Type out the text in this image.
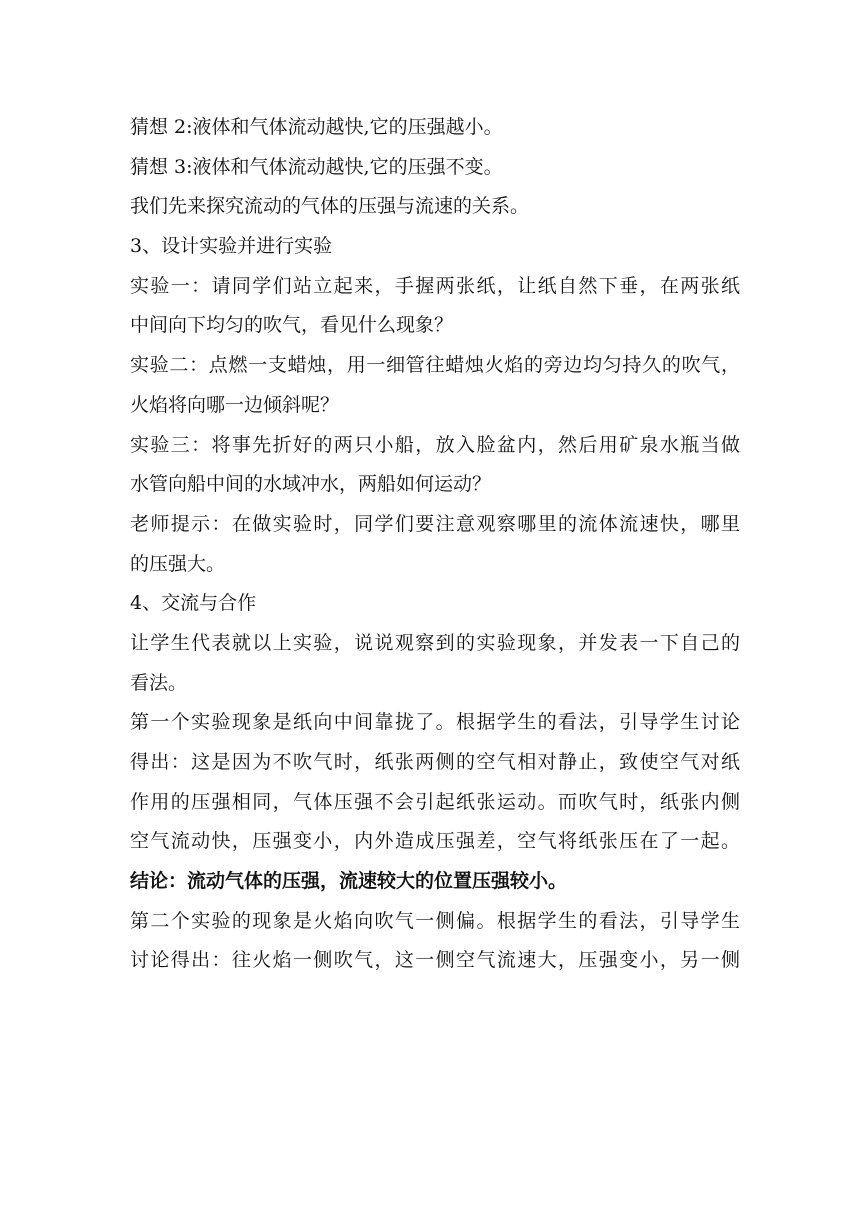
猜想 2:液体和气体流动越快,它的压强越小。
猜想 3:液体和气体流动越快,它的压强不变。
我们先来探究流动的气体的压强与流速的关系。
3、设计实验并进行实验
实验一：请同学们站立起来，手握两张纸，让纸自然下垂，在两张纸
中间向下均匀的吹气，看见什么现象？
实验二：点燃一支蜡烛，用一细管往蜡烛火焰的旁边均匀持久的吹气，
火焰将向哪一边倾斜呢？
实验三：将事先折好的两只小船，放入脸盆内，然后用矿泉水瓶当做
水管向船中间的水域冲水，两船如何运动？
老师提示：在做实验时，同学们要注意观察哪里的流体流速快，哪里
的压强大。
4、交流与合作
让学生代表就以上实验，说说观察到的实验现象，并发表一下自己的
看法。
第一个实验现象是纸向中间靠拢了。根据学生的看法，引导学生讨论
得出：这是因为不吹气时，纸张两侧的空气相对静止，致使空气对纸
作用的压强相同，气体压强不会引起纸张运动。而吹气时，纸张内侧
空气流动快，压强变小，内外造成压强差，空气将纸张压在了一起。
结论：流动气体的压强，流速较大的位置压强较小。
第二个实验的现象是火焰向吹气一侧偏。根据学生的看法，引导学生
讨论得出：往火焰一侧吹气，这一侧空气流速大，压强变小，另一侧
